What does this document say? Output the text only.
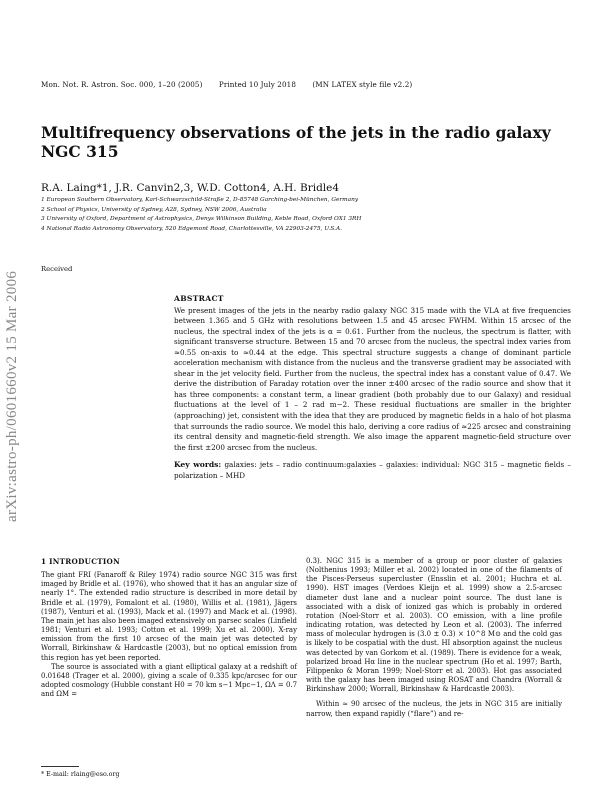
Mon. Not. R. Astron. Soc. 000, 1–20 (2005) Printed 10 July 2018 (MN LATEX style file v2.2)
Multifrequency observations of the jets in the radio galaxy NGC 315
R.A. Laing*1, J.R. Canvin2,3, W.D. Cotton4, A.H. Bridle4
1 European Southern Observatory, Karl-Schwarzschild-Straße 2, D-85748 Garching-bei-München, Germany
2 School of Physics, University of Sydney, A28, Sydney, NSW 2006, Australia
3 University of Oxford, Department of Astrophysics, Denys Wilkinson Building, Keble Road, Oxford OX1 3RH
4 National Radio Astronomy Observatory, 520 Edgemont Road, Charlottesville, VA 22903-2475, U.S.A.
Received
arXiv:astro-ph/0601660v2 15 Mar 2006	ABSTRACT

We present images of the jets in the nearby radio galaxy NGC 315 made with the VLA at five frequencies between 1.365 and 5 GHz with resolutions between 1.5 and 45 arcsec FWHM. Within 15 arcsec of the nucleus, the spectral index of the jets is α = 0.61. Further from the nucleus, the spectrum is flatter, with significant transverse structure. Between 15 and 70 arcsec from the nucleus, the spectral index varies from ≈0.55 on-axis to ≈0.44 at the edge. This spectral structure suggests a change of dominant particle acceleration mechanism with distance from the nucleus and the transverse gradient may be associated with shear in the jet velocity field. Further from the nucleus, the spectral index has a constant value of 0.47. We derive the distribution of Faraday rotation over the inner ±400 arcsec of the radio source and show that it has three components: a constant term, a linear gradient (both probably due to our Galaxy) and residual fluctuations at the level of 1 – 2 rad m−2. These residual fluctuations are smaller in the brighter (approaching) jet, consistent with the idea that they are produced by magnetic fields in a halo of hot plasma that surrounds the radio source. We model this halo, deriving a core radius of ≈225 arcsec and constraining its central density and magnetic-field strength. We also image the apparent magnetic-field structure over the first ±200 arcsec from the nucleus.

Key words: galaxies: jets – radio continuum:galaxies – galaxies: individual: NGC 315 – magnetic fields – polarization – MHD

1 INTRODUCTION

The giant FRI (Fanaroff & Riley 1974) radio source NGC 315 was first imaged by Bridle et al. (1976), who showed that it has an angular size of nearly 1°. The extended radio structure is described in more detail by Bridle et al. (1979), Fomalont et al. (1980), Willis et al. (1981), Jägers (1987), Venturi et al. (1993), Mack et al. (1997) and Mack et al. (1998). The main jet has also been imaged extensively on parsec scales (Linfield 1981; Venturi et al. 1993; Cotton et al. 1999; Xu et al. 2000). X-ray emission from the first 10 arcsec of the main jet was detected by Worrall, Birkinshaw & Hardcastle (2003), but no optical emission from this region has yet been reported.

The source is associated with a giant elliptical galaxy at a redshift of 0.01648 (Trager et al. 2000), giving a scale of 0.335 kpc/arcsec for our adopted cosmology (Hubble constant H0 = 70 km s−1 Mpc−1, ΩΛ = 0.7 and ΩM =

0.3). NGC 315 is a member of a group or poor cluster of galaxies (Nolthenius 1993; Miller et al. 2002) located in one of the filaments of the Pisces-Perseus supercluster (Ensslin et al. 2001; Huchra et al. 1990). HST images (Verdoes Kleijn et al. 1999) show a 2.5-arcsec diameter dust lane and a nuclear point source. The dust lane is associated with a disk of ionized gas which is probably in ordered rotation (Noel-Storr et al. 2003). CO emission, with a line profile indicating rotation, was detected by Leon et al. (2003). The inferred mass of molecular hydrogen is (3.0 ± 0.3) × 10^8 M⊙ and the cold gas is likely to be cospatial with the dust. HI absorption against the nucleus was detected by van Gorkom et al. (1989). There is evidence for a weak, polarized broad Hα line in the nuclear spectrum (Ho et al. 1997; Barth, Filippenko & Moran 1999; Noel-Storr et al. 2003). Hot gas associated with the galaxy has been imaged using ROSAT and Chandra (Worrall & Birkinshaw 2000; Worrall, Birkinshaw & Hardcastle 2003).

Within ≈ 90 arcsec of the nucleus, the jets in NGC 315 are initially narrow, then expand rapidly (“flare”) and re-

* E-mail: rlaing@eso.org
